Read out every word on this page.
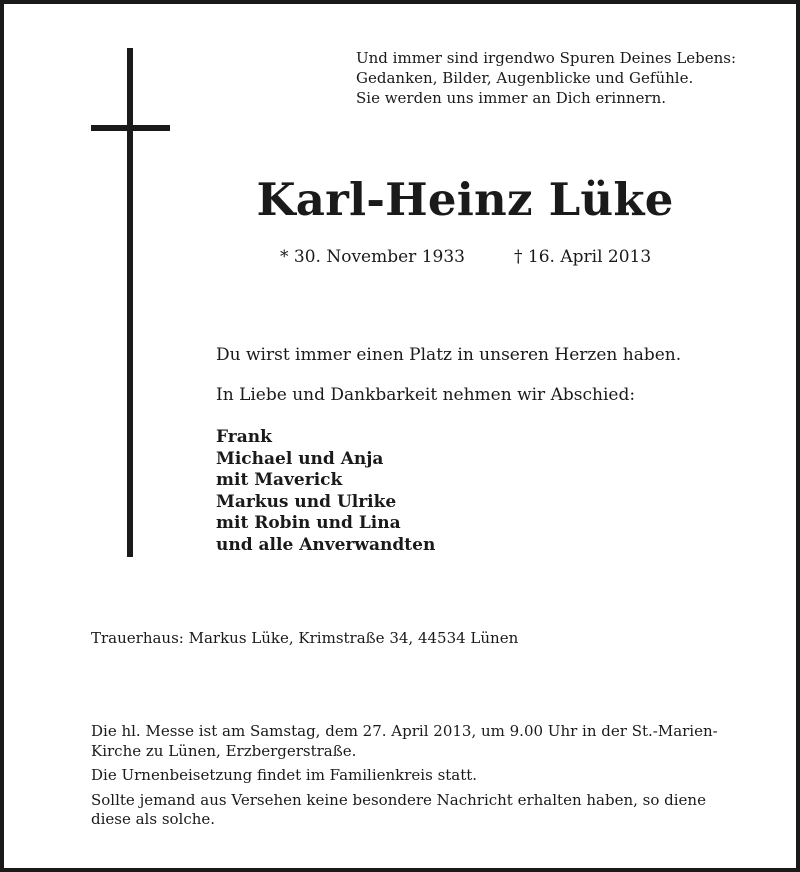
Und immer sind irgendwo Spuren Deines Lebens:
Gedanken, Bilder, Augenblicke und Gefühle.
Sie werden uns immer an Dich erinnern.
Karl-Heinz Lüke
* 30. November 1933	† 16. April 2013
Du wirst immer einen Platz in unseren Herzen haben.
In Liebe und Dankbarkeit nehmen wir Abschied:
Frank
Michael und Anja
mit Maverick
Markus und Ulrike
mit Robin und Lina
und alle Anverwandten
Trauerhaus: Markus Lüke, Krimstraße 34, 44534 Lünen

Die hl. Messe ist am Samstag, dem 27. April 2013, um 9.00 Uhr in der St.-Marien-
Kirche zu Lünen, Erzbergerstraße.

Die Urnenbeisetzung findet im Familienkreis statt.

Sollte jemand aus Versehen keine besondere Nachricht erhalten haben, so diene
diese als solche.
